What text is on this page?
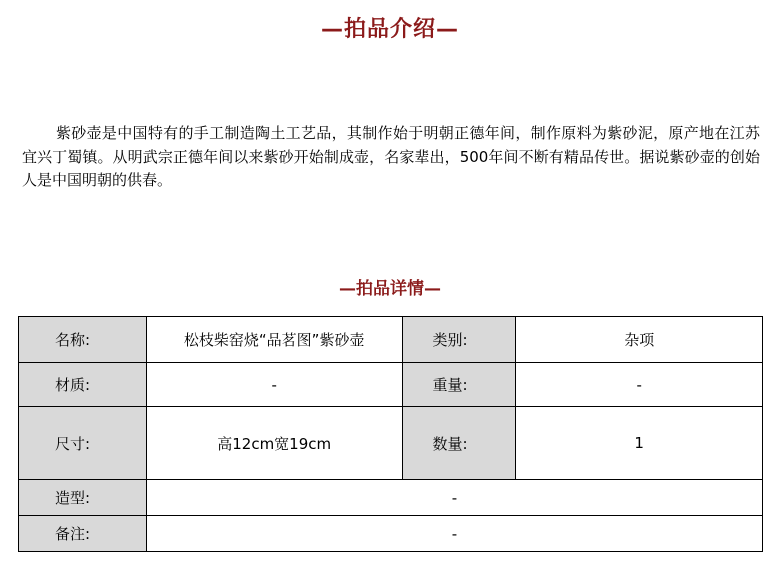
—拍品介绍—

紫砂壶是中国特有的手工制造陶土工艺品，其制作始于明朝正德年间，制作原料为紫砂泥，原产地在江苏宜兴丁蜀镇。从明武宗正德年间以来紫砂开始制成壶，名家辈出，500年间不断有精品传世。据说紫砂壶的创始人是中国明朝的供春。

—拍品详情—
名称:	松枝柴窑烧“品茗图”紫砂壶	类别:	杂项
材质:	-	重量:	-
尺寸:	高12cm宽19cm	数量:	1
造型:	-		
备注:	-		
